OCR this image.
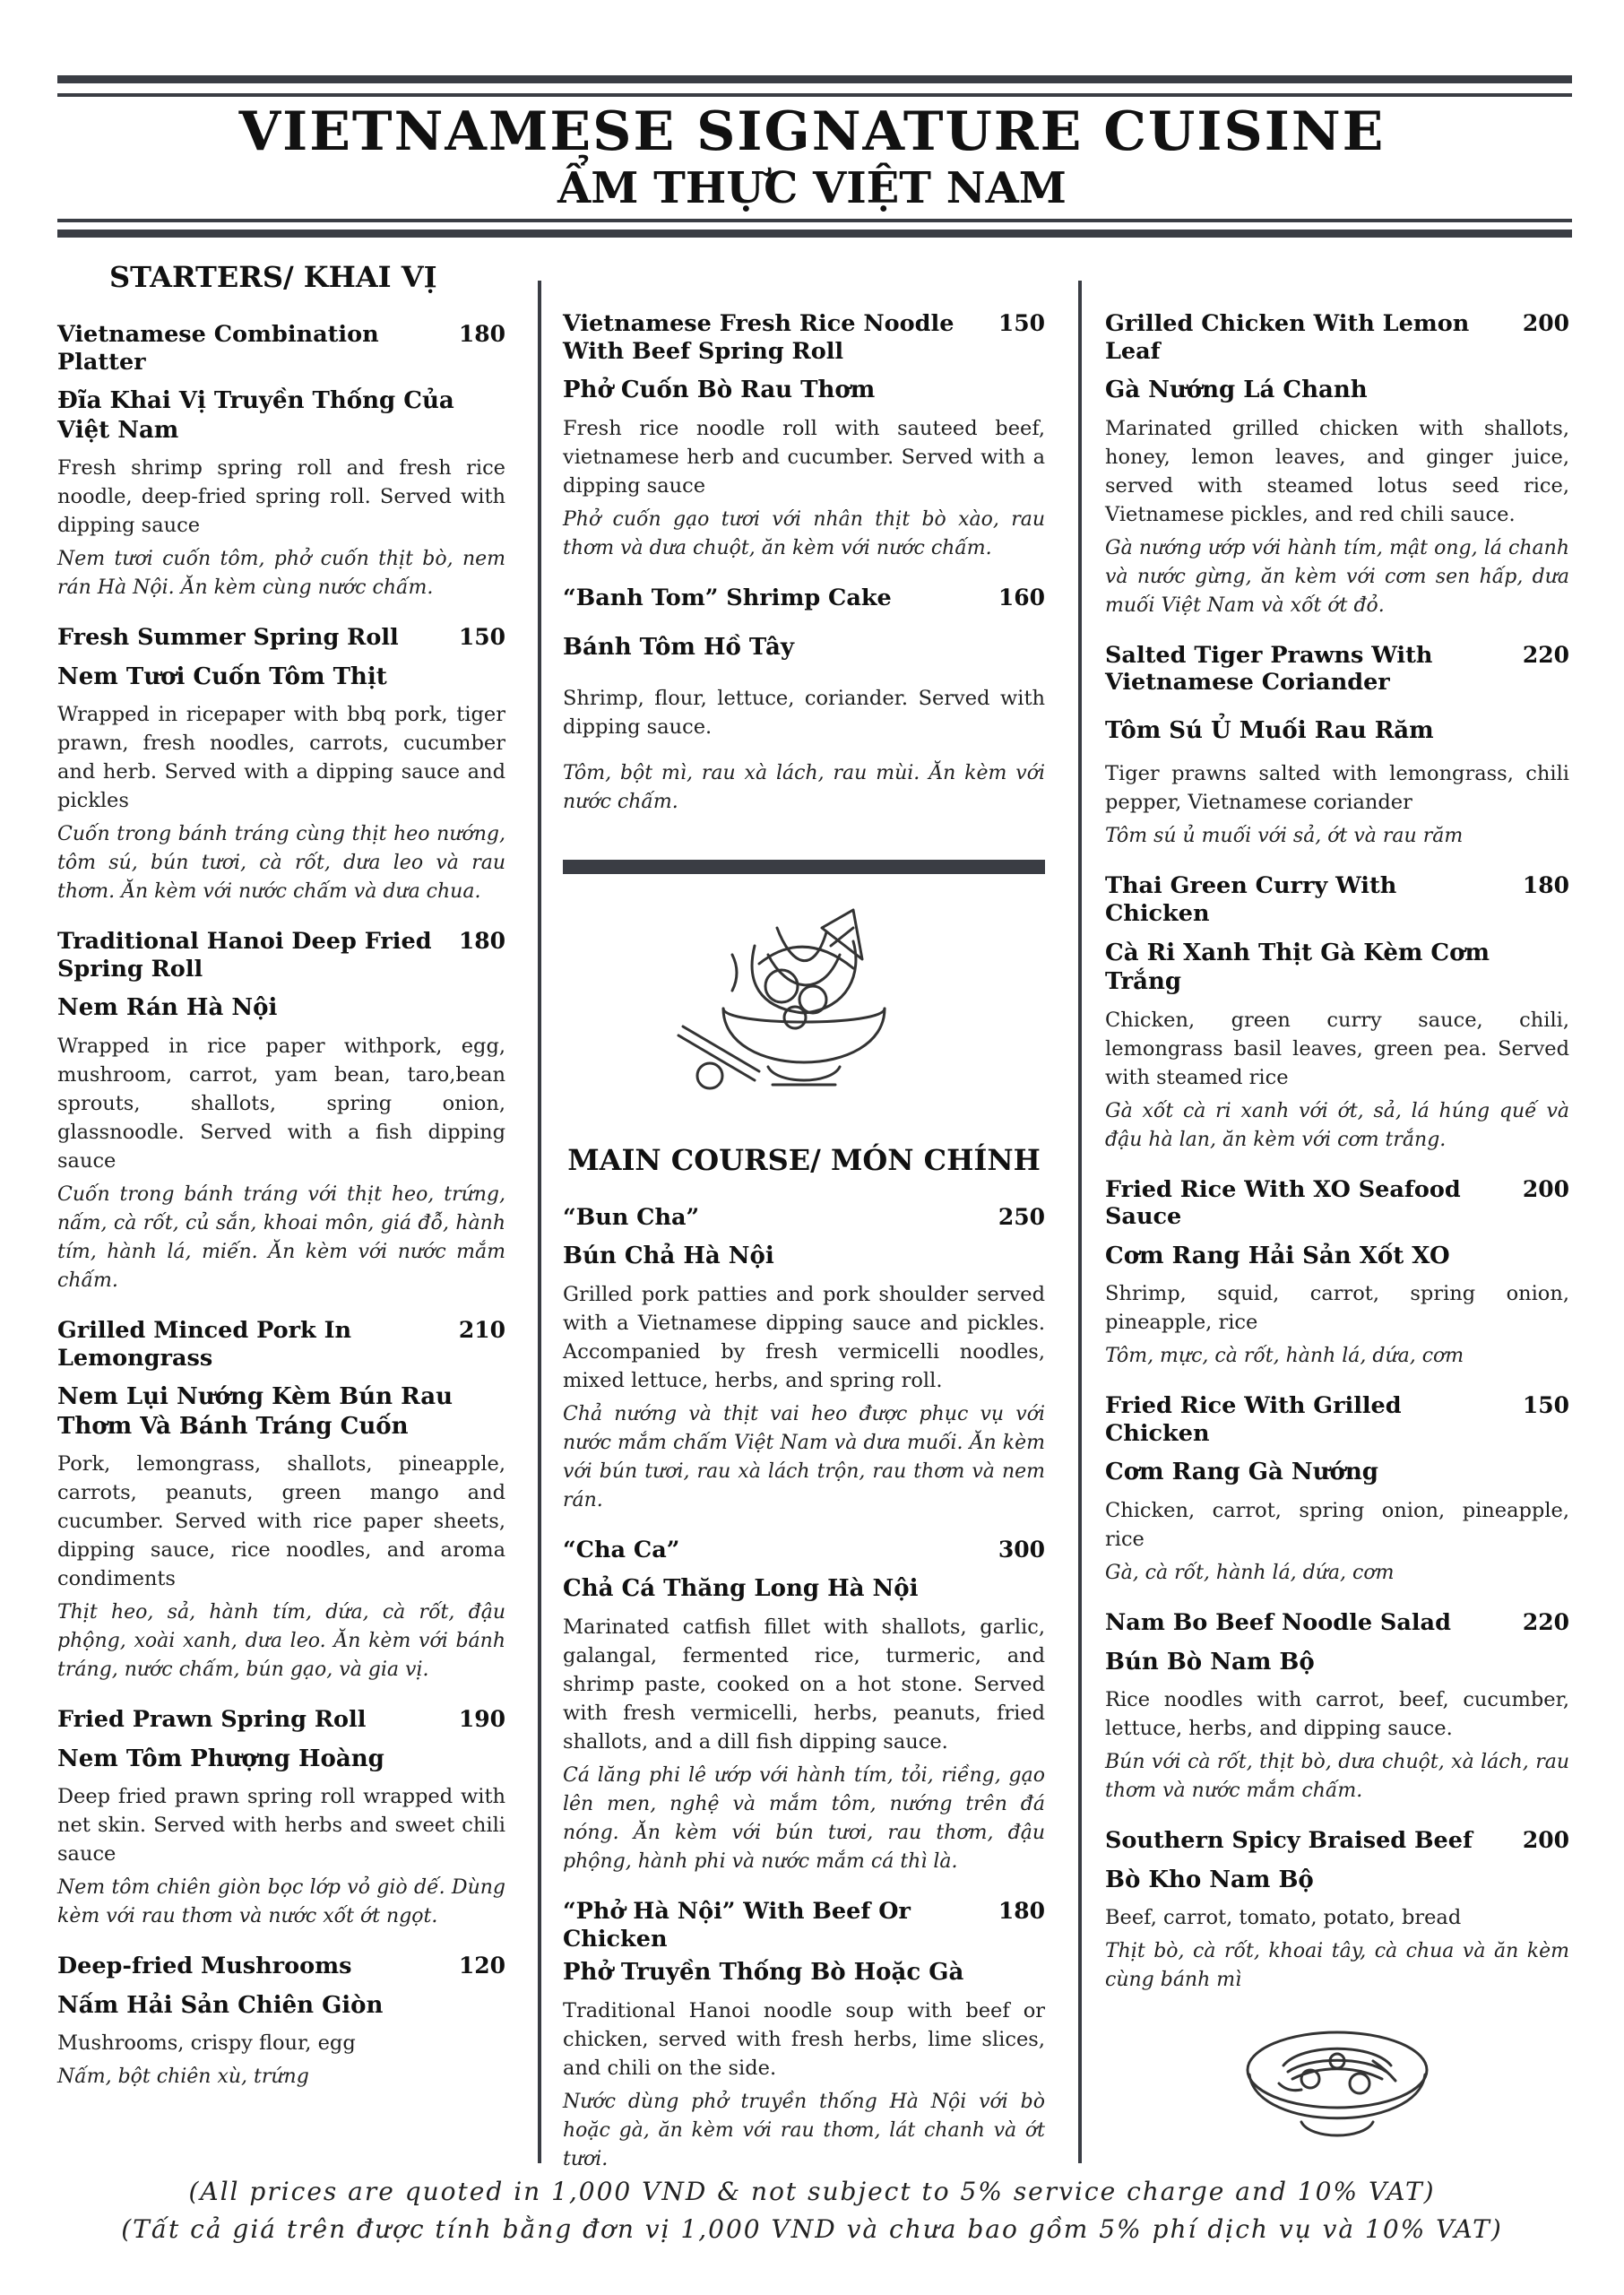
VIETNAMESE SIGNATURE CUISINE
ẨM THỰC VIỆT NAM
STARTERS/ KHAI VỊ
Vietnamese Combination Platter
180
Đĩa Khai Vị Truyền Thống Của Việt Nam
Fresh shrimp spring roll and fresh rice noodle, deep-fried spring roll. Served with dipping sauce
Nem tươi cuốn tôm, phở cuốn thịt bò, nem rán Hà Nội. Ăn kèm cùng nước chấm.
Fresh Summer Spring Roll	150
Nem Tươi Cuốn Tôm Thịt
Wrapped in ricepaper with bbq pork, tiger prawn, fresh noodles, carrots, cucumber and herb. Served with a dipping sauce and pickles
Cuốn trong bánh tráng cùng thịt heo nướng, tôm sú, bún tươi, cà rốt, dưa leo và rau thơm. Ăn kèm với nước chấm và dưa chua.
Traditional Hanoi Deep Fried Spring Roll
180
Nem Rán Hà Nội
Wrapped in rice paper withpork, egg, mushroom, carrot, yam bean, taro,bean sprouts, shallots, spring onion, glassnoodle. Served with a fish dipping sauce
Cuốn trong bánh tráng với thịt heo, trứng, nấm, cà rốt, củ sắn, khoai môn, giá đỗ, hành tím, hành lá, miến. Ăn kèm với nước mắm chấm.
Grilled Minced Pork In Lemongrass
210
Nem Lụi Nướng Kèm Bún Rau Thơm Và Bánh Tráng Cuốn
Pork, lemongrass, shallots, pineapple, carrots, peanuts, green mango and cucumber. Served with rice paper sheets, dipping sauce, rice noodles, and aroma condiments
Thịt heo, sả, hành tím, dứa, cà rốt, đậu phộng, xoài xanh, dưa leo. Ăn kèm với bánh tráng, nước chấm, bún gạo, và gia vị.
Fried Prawn Spring Roll	190
Nem Tôm Phượng Hoàng
Deep fried prawn spring roll wrapped with net skin. Served with herbs and sweet chili sauce
Nem tôm chiên giòn bọc lớp vỏ giò dế. Dùng kèm với rau thơm và nước xốt ớt ngọt.
Deep-fried Mushrooms	120
Nấm Hải Sản Chiên Giòn
Mushrooms, crispy flour, egg
Nấm, bột chiên xù, trứng
Vietnamese Fresh Rice Noodle With Beef Spring Roll
150
Phở Cuốn Bò Rau Thơm
Fresh rice noodle roll with sauteed beef, vietnamese herb and cucumber. Served with a dipping sauce
Phở cuốn gạo tươi với nhân thịt bò xào, rau thơm và dưa chuột, ăn kèm với nước chấm.
“Banh Tom” Shrimp Cake	160
Bánh Tôm Hồ Tây
Shrimp, flour, lettuce, coriander. Served with dipping sauce.
Tôm, bột mì, rau xà lách, rau mùi. Ăn kèm với nước chấm.
MAIN COURSE/ MÓN CHÍNH
“Bun Cha”	250
Bún Chả Hà Nội
Grilled pork patties and pork shoulder served with a Vietnamese dipping sauce and pickles. Accompanied by fresh vermicelli noodles, mixed lettuce, herbs, and spring roll.
Chả nướng và thịt vai heo được phục vụ với nước mắm chấm Việt Nam và dưa muối. Ăn kèm với bún tươi, rau xà lách trộn, rau thơm và nem rán.
“Cha Ca”	300
Chả Cá Thăng Long Hà Nội
Marinated catfish fillet with shallots, garlic, galangal, fermented rice, turmeric, and shrimp paste, cooked on a hot stone. Served with fresh vermicelli, herbs, peanuts, fried shallots, and a dill fish dipping sauce.
Cá lăng phi lê ướp với hành tím, tỏi, riềng, gạo lên men, nghệ và mắm tôm, nướng trên đá nóng. Ăn kèm với bún tươi, rau thơm, đậu phộng, hành phi và nước mắm cá thì là.
“Phở Hà Nội” With Beef Or Chicken
180
Phở Truyền Thống Bò Hoặc Gà
Traditional Hanoi noodle soup with beef or chicken, served with fresh herbs, lime slices, and chili on the side.
Nước dùng phở truyền thống Hà Nội với bò hoặc gà, ăn kèm với rau thơm, lát chanh và ớt tươi.
Grilled Chicken With Lemon Leaf
200
Gà Nướng Lá Chanh
Marinated grilled chicken with shallots, honey, lemon leaves, and ginger juice, served with steamed lotus seed rice, Vietnamese pickles, and red chili sauce.
Gà nướng ướp với hành tím, mật ong, lá chanh và nước gừng, ăn kèm với cơm sen hấp, dưa muối Việt Nam và xốt ớt đỏ.
Salted Tiger Prawns With Vietnamese Coriander
220
Tôm Sú Ủ Muối Rau Răm
Tiger prawns salted with lemongrass, chili pepper, Vietnamese coriander
Tôm sú ủ muối với sả, ớt và rau răm
Thai Green Curry With Chicken
180
Cà Ri Xanh Thịt Gà Kèm Cơm Trắng
Chicken, green curry sauce, chili, lemongrass basil leaves, green pea. Served with steamed rice
Gà xốt cà ri xanh với ớt, sả, lá húng quế và đậu hà lan, ăn kèm với cơm trắng.
Fried Rice With XO Seafood Sauce
200
Cơm Rang Hải Sản Xốt XO
Shrimp, squid, carrot, spring onion, pineapple, rice
Tôm, mực, cà rốt, hành lá, dứa, cơm
Fried Rice With Grilled Chicken
150
Cơm Rang Gà Nướng
Chicken, carrot, spring onion, pineapple, rice
Gà, cà rốt, hành lá, dứa, cơm
Nam Bo Beef Noodle Salad	220
Bún Bò Nam Bộ
Rice noodles with carrot, beef, cucumber, lettuce, herbs, and dipping sauce.
Bún với cà rốt, thịt bò, dưa chuột, xà lách, rau thơm và nước mắm chấm.
Southern Spicy Braised Beef	200
Bò Kho Nam Bộ
Beef, carrot, tomato, potato, bread
Thịt bò, cà rốt, khoai tây, cà chua và ăn kèm cùng bánh mì
(All prices are quoted in 1,000 VND & not subject to 5% service charge and 10% VAT)
(Tất cả giá trên được tính bằng đơn vị 1,000 VND và chưa bao gồm 5% phí dịch vụ và 10% VAT)
